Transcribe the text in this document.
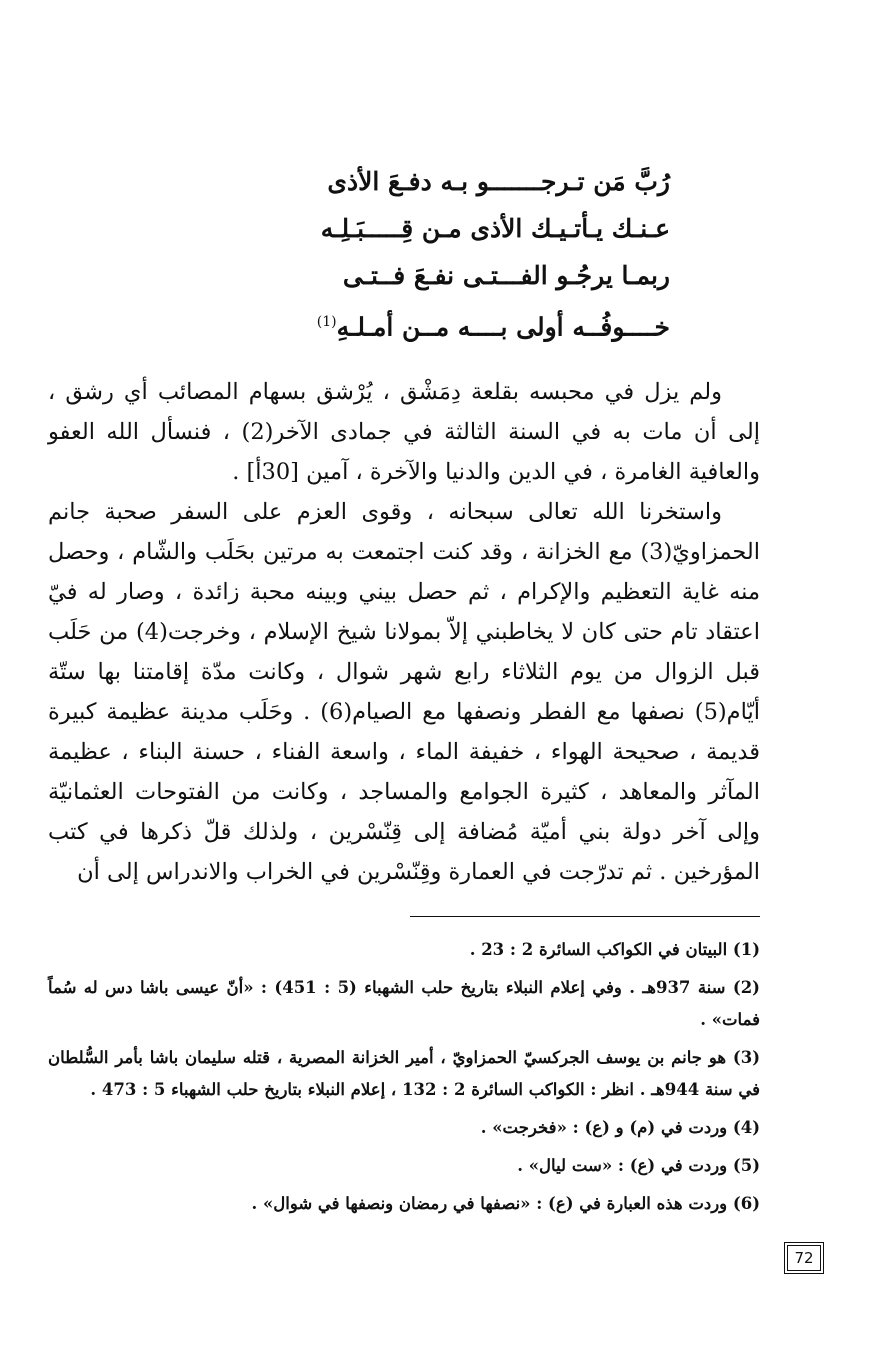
رُبَّ مَن تـرجـــــــو بـه دفـعَ الأذى
عـنـك يـأتـيـك الأذى مـن قِـــــبَـلِـه
ربمـا يرجُـو الفـــتـى نفـعَ فــتـى
خــــوفُــه أولى بــــه مــن أمـلـهِ$^{(1)}$

ولم يزل في محبسه بقلعة دِمَشْق ، يُرْشق بسهام المصائب أي رشق ، إلى أن مات به في السنة الثالثة في جمادى الآخر(2) ، فنسأل الله العفو والعافية الغامرة ، في الدين والدنيا والآخرة ، آمين [30أ] .

واستخرنا الله تعالى سبحانه ، وقوى العزم على السفر صحبة جانم الحمزاويّ(3) مع الخزانة ، وقد كنت اجتمعت به مرتين بحَلَب والشّام ، وحصل منه غاية التعظيم والإكرام ، ثم حصل بيني وبينه محبة زائدة ، وصار له فيّ اعتقاد تام حتى كان لا يخاطبني إلاّ بمولانا شيخ الإسلام ، وخرجت(4) من حَلَب قبل الزوال من يوم الثلاثاء رابع شهر شوال ، وكانت مدّة إقامتنا بها ستّة أيّام(5) نصفها مع الفطر ونصفها مع الصيام(6) . وحَلَب مدينة عظيمة كبيرة قديمة ، صحيحة الهواء ، خفيفة الماء ، واسعة الفناء ، حسنة البناء ، عظيمة المآثر والمعاهد ، كثيرة الجوامع والمساجد ، وكانت من الفتوحات العثمانيّة وإلى آخر دولة بني أميّة مُضافة إلى قِنّسْرين ، ولذلك قلّ ذكرها في كتب المؤرخين . ثم تدرّجت في العمارة وقِنّسْرين في الخراب والاندراس إلى أن

(1) البيتان في الكواكب السائرة 2 : 23 .

(2) سنة 937هـ . وفي إعلام النبلاء بتاريخ حلب الشهباء (5 : 451) : «أنّ عيسى باشا دس له سُماً فمات» .

(3) هو جانم بن يوسف الجركسيّ الحمزاويّ ، أمير الخزانة المصرية ، قتله سليمان باشا بأمر السُّلطان في سنة 944هـ . انظر : الكواكب السائرة 2 : 132 ، إعلام النبلاء بتاريخ حلب الشهباء 5 : 473 .

(4) وردت في (م) و (ع) : «فخرجت» .

(5) وردت في (ع) : «ست ليال» .

(6) وردت هذه العبارة في (ع) : «نصفها في رمضان ونصفها في شوال» .

72
